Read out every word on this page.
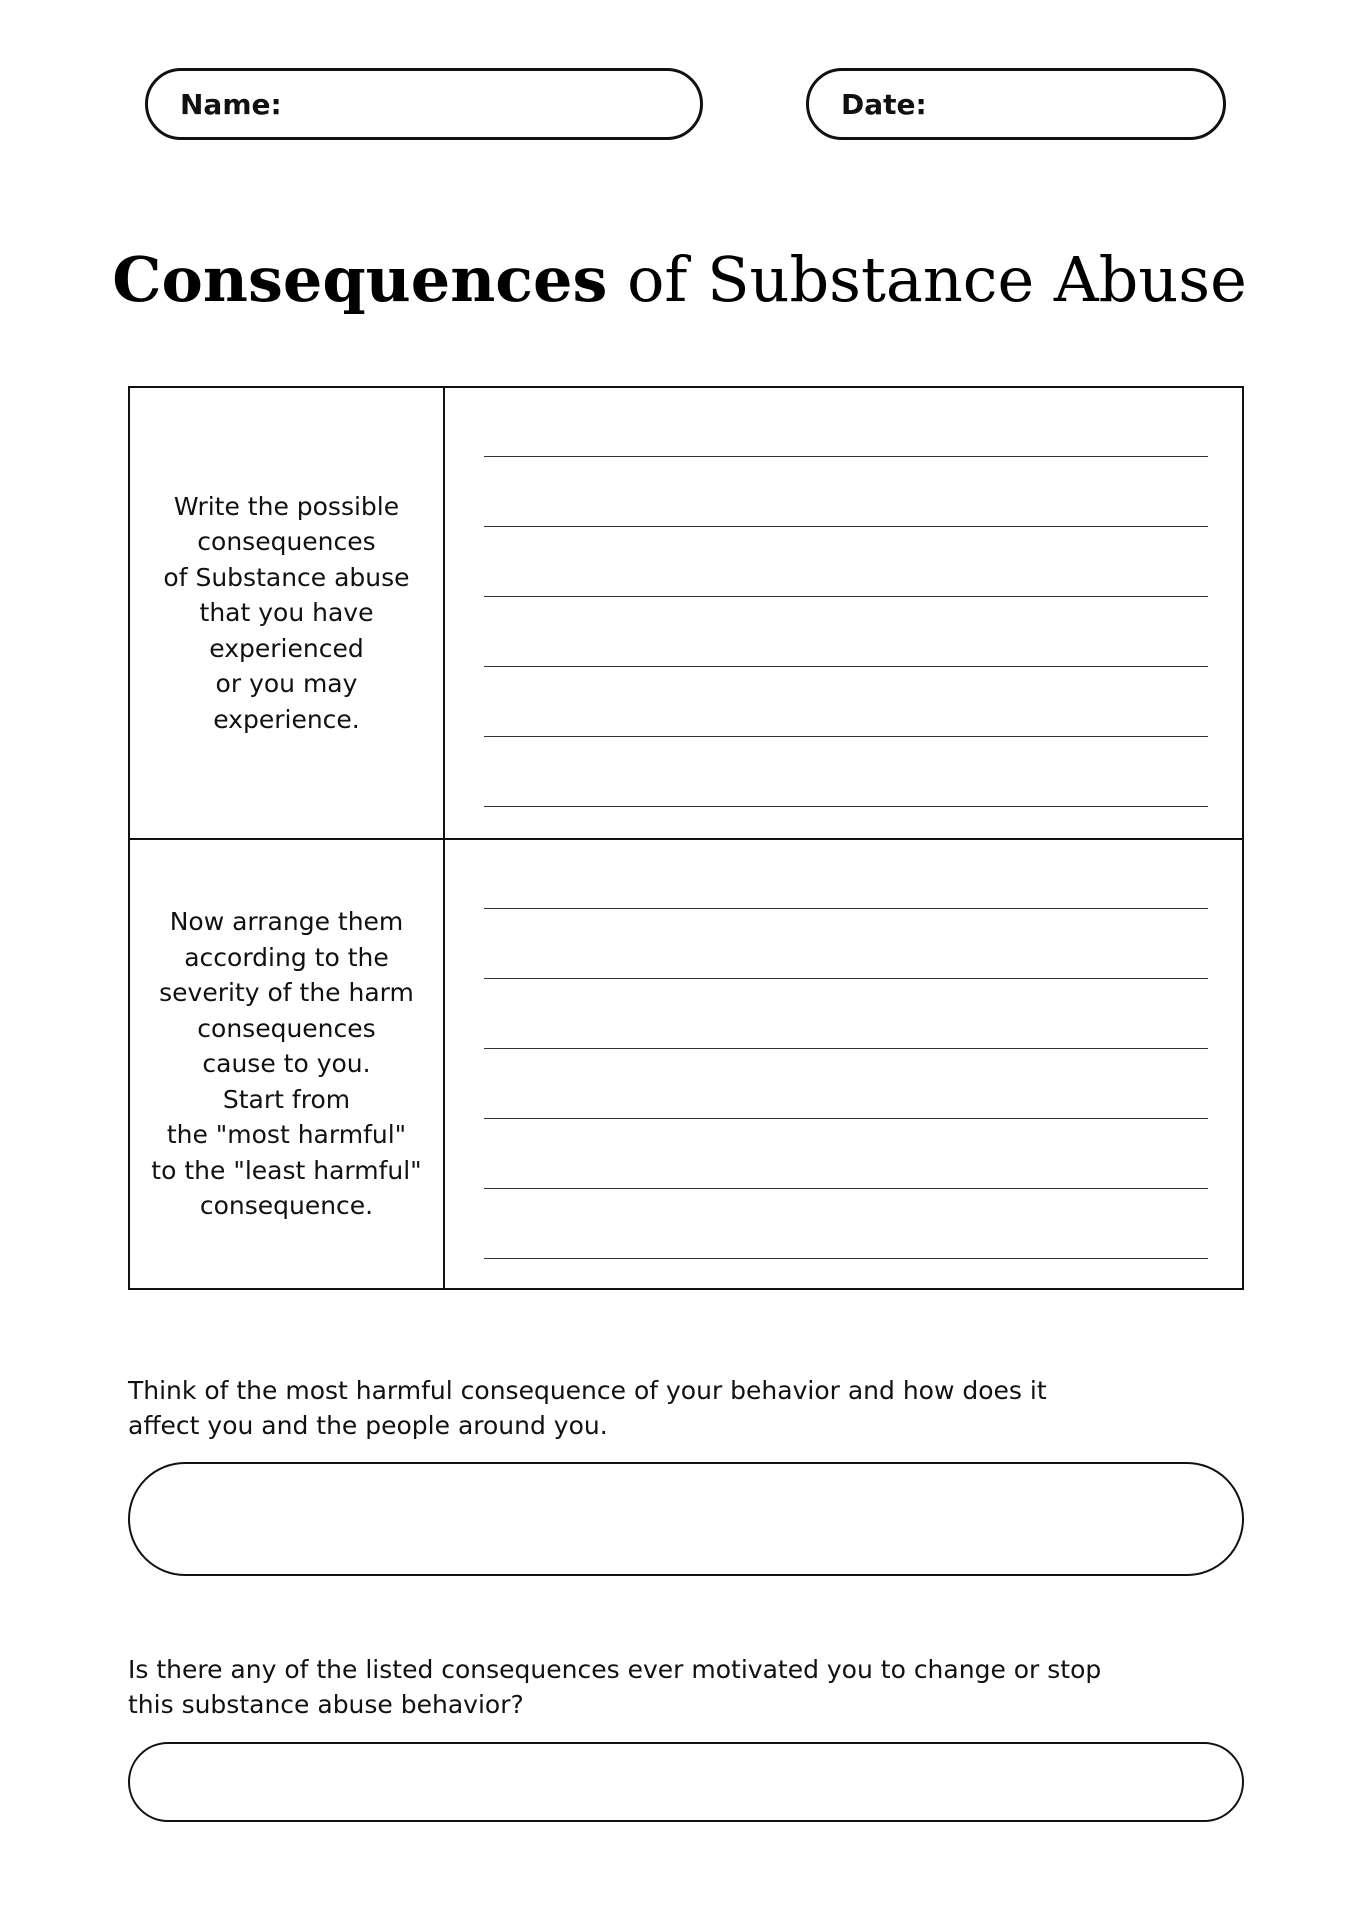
Name:	Date:
Consequences of Substance Abuse
Write the possible
consequences
of Substance abuse
that you have
experienced
or you may
experience.
Now arrange them
according to the
severity of the harm
consequences
cause to you.
Start from
the "most harmful"
to the "least harmful"
consequence.
Think of the most harmful consequence of your behavior and how does it
affect you and the people around you.
Is there any of the listed consequences ever motivated you to change or stop
this substance abuse behavior?
